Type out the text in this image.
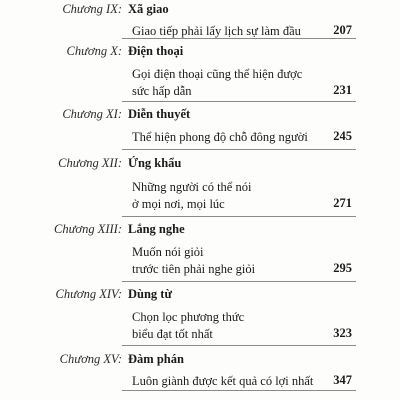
Chương IX: Xã giao
Giao tiếp phải lấy lịch sự làm đầu	207
Chương X: Điện thoại
Gọi điện thoại cũng thể hiện được
sức hấp dẫn	231
Chương XI: Diễn thuyết
Thể hiện phong độ chỗ đông người 245
Chương XII: Ứng khẩu
Những người có thể nói
ở mọi nơi, mọi lúc	271
Chương XIII: Lắng nghe
Muốn nói giỏi
trước tiên phải nghe giỏi	295
Chương XIV: Dùng từ
Chọn lọc phương thức
biểu đạt tốt nhất	323
Chương XV: Đàm phán
Luôn giành được kết quả có lợi nhất 347
